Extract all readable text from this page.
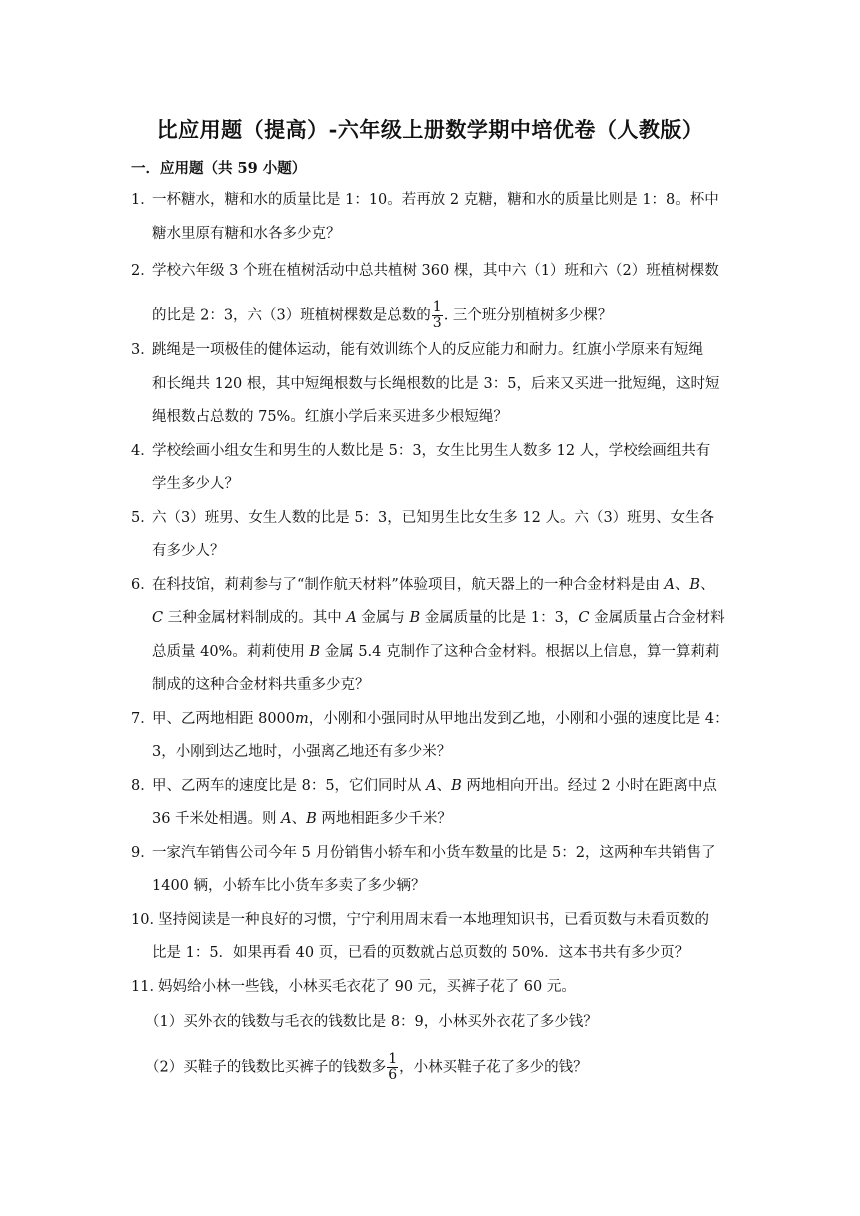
比应用题（提高）-六年级上册数学期中培优卷（人教版）
一．应用题（共 59 小题）
1．
一杯糖水，糖和水的质量比是 1：10。若再放 2 克糖，糖和水的质量比则是 1：8。杯中
糖水里原有糖和水各多少克？
2．
学校六年级 3 个班在植树活动中总共植树 360 棵，其中六（1）班和六（2）班植树棵数
的比是 2：3，六（3）班植树棵数是总数的 $\frac{1}{3}$ . 三个班分别植树多少棵？
3．
跳绳是一项极佳的健体运动，能有效训练个人的反应能力和耐力。红旗小学原来有短绳
和长绳共 120 根，其中短绳根数与长绳根数的比是 3：5，后来又买进一批短绳，这时短
绳根数占总数的 75%。红旗小学后来买进多少根短绳？
4．
学校绘画小组女生和男生的人数比是 5：3，女生比男生人数多 12 人，学校绘画组共有
学生多少人？
5．
六（3）班男、女生人数的比是 5：3，已知男生比女生多 12 人。六（3）班男、女生各
有多少人？
6．
在科技馆，莉莉参与了“制作航天材料”体验项目，航天器上的一种合金材料是由 A、B、
C 三种金属材料制成的。其中 A 金属与 B 金属质量的比是 1：3，C 金属质量占合金材料
总质量 40%。莉莉使用 B 金属 5.4 克制作了这种合金材料。根据以上信息，算一算莉莉
制成的这种合金材料共重多少克？
7．
甲、乙两地相距 8000m，小刚和小强同时从甲地出发到乙地，小刚和小强的速度比是 4：
3，小刚到达乙地时，小强离乙地还有多少米？
8．
甲、乙两车的速度比是 8：5，它们同时从 A、B 两地相向开出。经过 2 小时在距离中点
36 千米处相遇。则 A、B 两地相距多少千米？
9．
一家汽车销售公司今年 5 月份销售小轿车和小货车数量的比是 5：2，这两种车共销售了
1400 辆，小轿车比小货车多卖了多少辆？
10．
坚持阅读是一种良好的习惯，宁宁利用周末看一本地理知识书，已看页数与未看页数的
比是 1：5．如果再看 40 页，已看的页数就占总页数的 50%．这本书共有多少页？
11．
妈妈给小林一些钱，小林买毛衣花了 90 元，买裤子花了 60 元。
（1）买外衣的钱数与毛衣的钱数比是 8：9，小林买外衣花了多少钱？
（2）买鞋子的钱数比买裤子的钱数多 $\frac{1}{6}$ ，小林买鞋子花了多少的钱？
